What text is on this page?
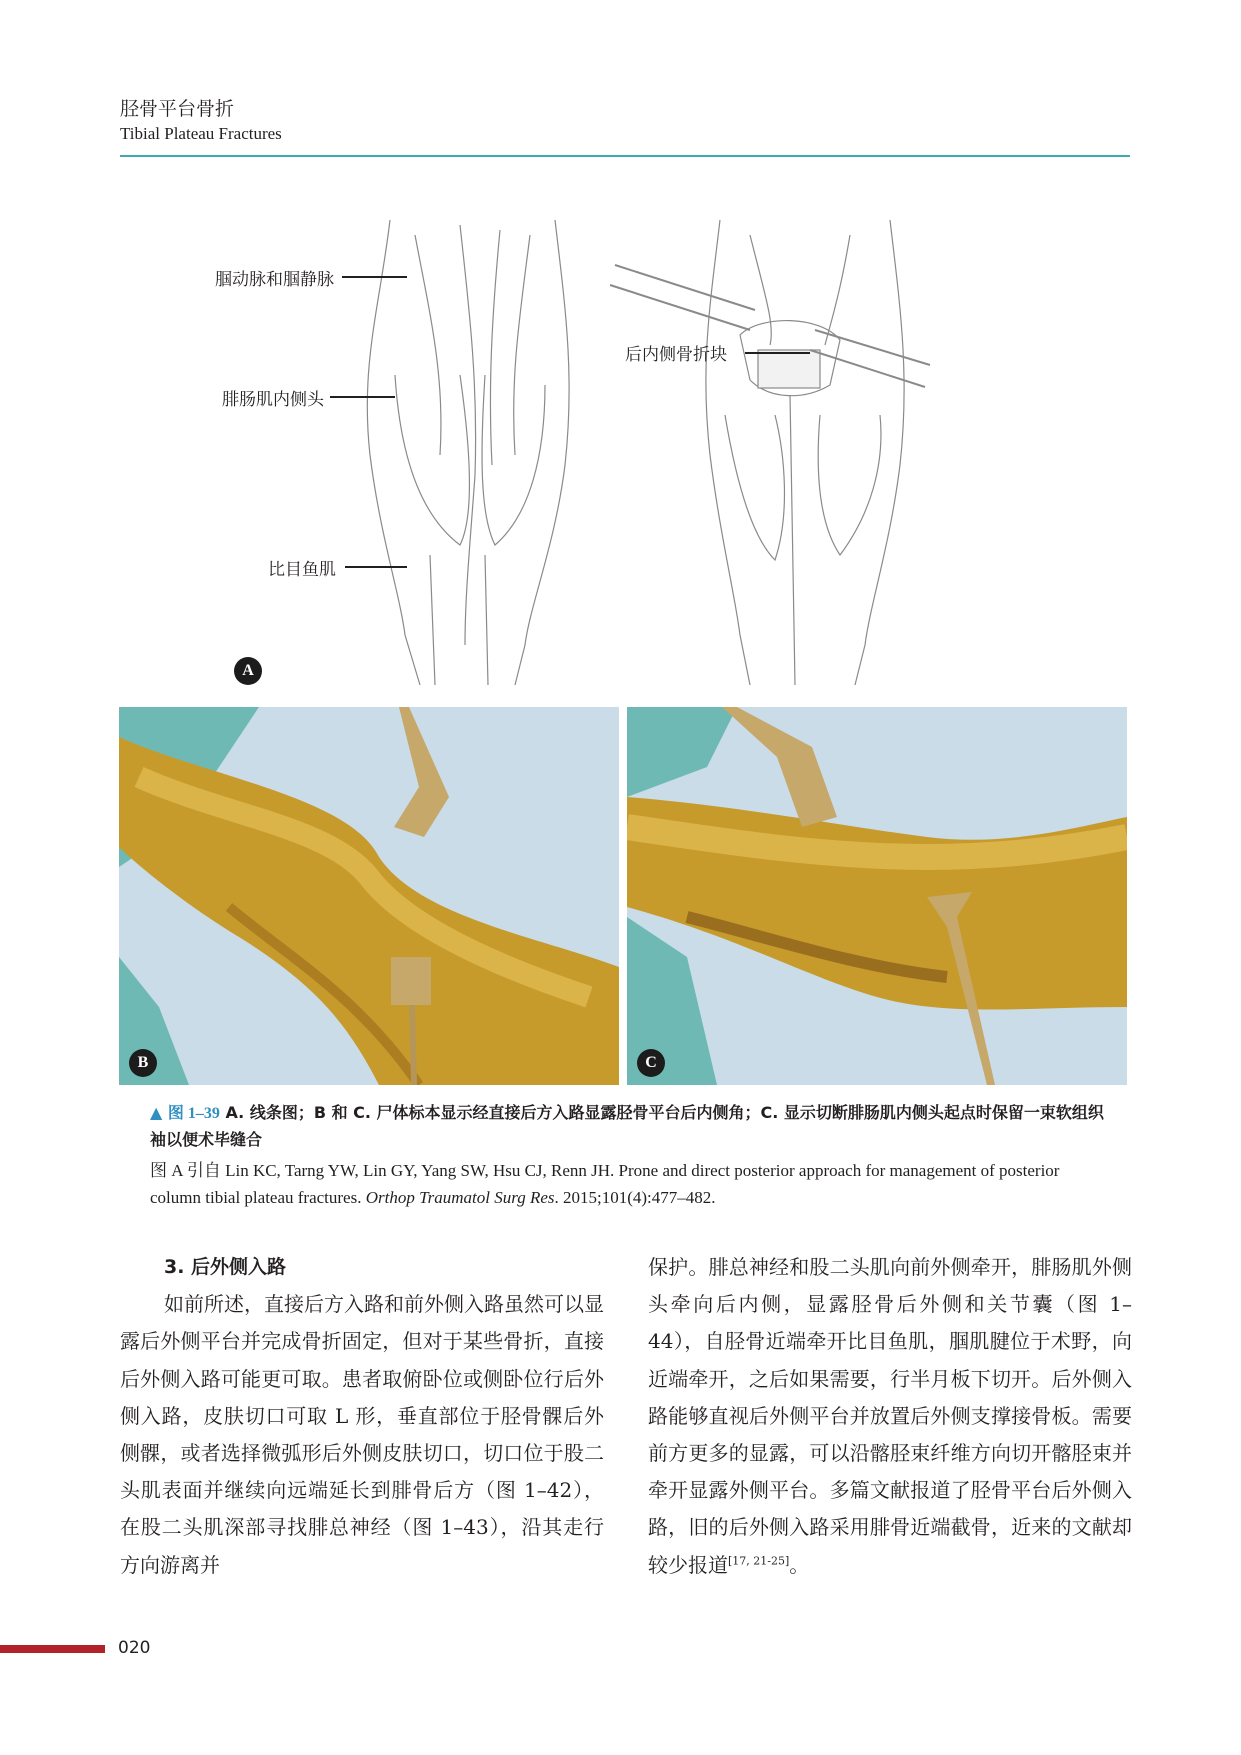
胫骨平台骨折
Tibial Plateau Fractures
腘动脉和腘静脉
腓肠肌内侧头
比目鱼肌
后内侧骨折块
A
B	C
▲ 图 1–39 A. 线条图；B 和 C. 尸体标本显示经直接后方入路显露胫骨平台后内侧角；C. 显示切断腓肠肌内侧头起点时保留一束软组织袖以便术毕缝合
图 A 引自 Lin KC, Tarng YW, Lin GY, Yang SW, Hsu CJ, Renn JH. Prone and direct posterior approach for management of posterior column tibial plateau fractures. Orthop Traumatol Surg Res. 2015;101(4):477‒482.

3. 后外侧入路

如前所述，直接后方入路和前外侧入路虽然可以显露后外侧平台并完成骨折固定，但对于某些骨折，直接后外侧入路可能更可取。患者取俯卧位或侧卧位行后外侧入路，皮肤切口可取 L 形，垂直部位于胫骨髁后外侧髁，或者选择微弧形后外侧皮肤切口，切口位于股二头肌表面并继续向远端延长到腓骨后方（图 1–42），在股二头肌深部寻找腓总神经（图 1–43），沿其走行方向游离并

保护。腓总神经和股二头肌向前外侧牵开，腓肠肌外侧头牵向后内侧，显露胫骨后外侧和关节囊（图 1–44），自胫骨近端牵开比目鱼肌，腘肌腱位于术野，向近端牵开，之后如果需要，行半月板下切开。后外侧入路能够直视后外侧平台并放置后外侧支撑接骨板。需要前方更多的显露，可以沿髂胫束纤维方向切开髂胫束并牵开显露外侧平台。多篇文献报道了胫骨平台后外侧入路，旧的后外侧入路采用腓骨近端截骨，近来的文献却较少报道[17, 21-25]。

020
